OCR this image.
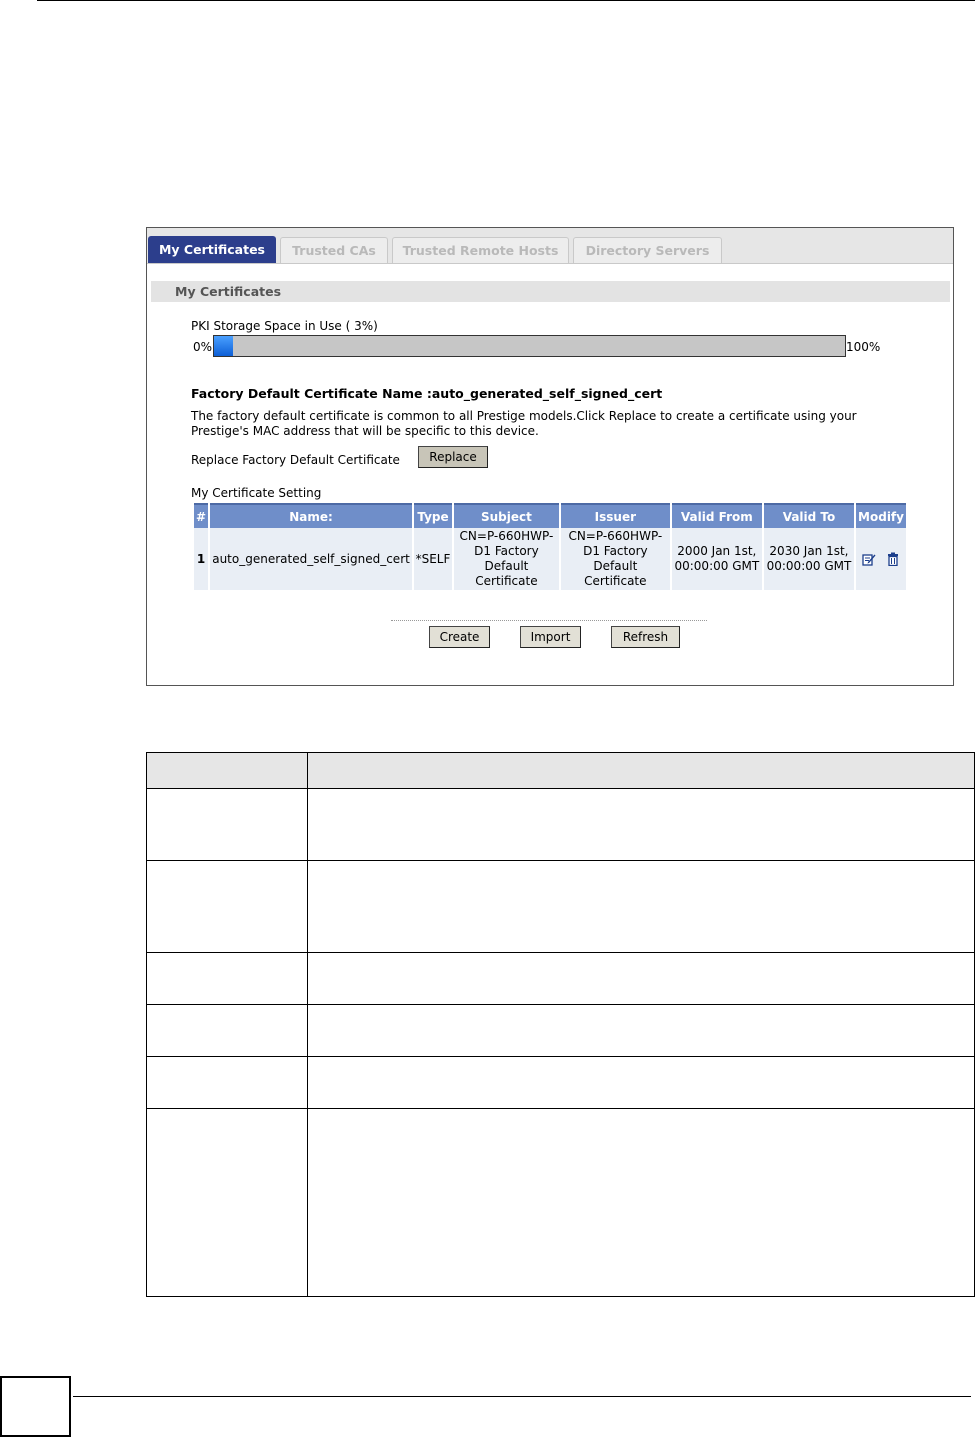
My Certificates	Trusted CAs	Trusted Remote Hosts	Directory Servers
My Certificates
PKI Storage Space in Use ( 3%)
0%	100%
Factory Default Certificate Name :auto_generated_self_signed_cert
The factory default certificate is common to all Prestige models.Click Replace to create a certificate using your
Prestige's MAC address that will be specific to this device.
Replace Factory Default Certificate	Replace
My Certificate Setting
#	Name:	Type	Subject	Issuer	Valid From	Valid To	Modify
1	auto_generated_self_signed_cert	*SELF	CN=P-660HWP-
D1 Factory
Default
Certificate	CN=P-660HWP-
D1 Factory
Default
Certificate	2000 Jan 1st,
00:00:00 GMT	2030 Jan 1st,
00:00:00 GMT	
Create	Import	Refresh
